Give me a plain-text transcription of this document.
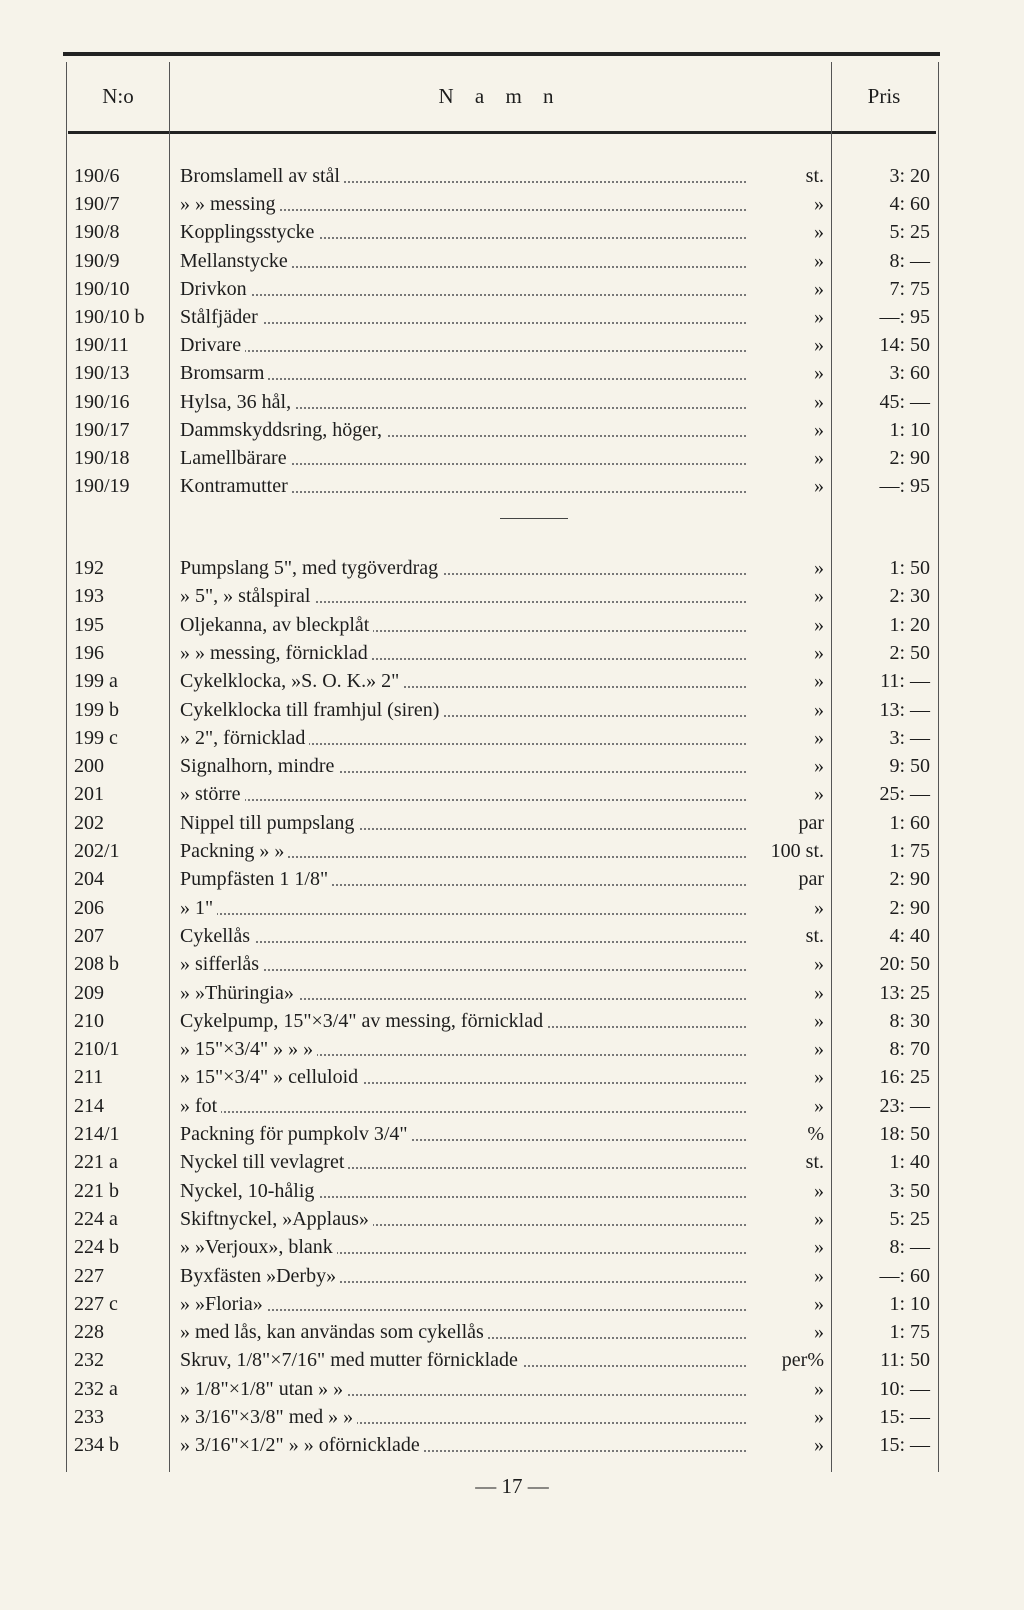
N:o	N a m n	Pris
190/6	Bromslamell av stål	st.	3: 20
190/7	» » messing	»	4: 60
190/8	Kopplingsstycke	»	5: 25
190/9	Mellanstycke	»	8: —
190/10	Drivkon	»	7: 75
190/10 b	Stålfjäder	»	—: 95
190/11	Drivare	»	14: 50
190/13	Bromsarm	»	3: 60
190/16	Hylsa, 36 hål,	»	45: —
190/17	Dammskyddsring, höger,	»	1: 10
190/18	Lamellbärare	»	2: 90
190/19	Kontramutter	»	—: 95
192	Pumpslang 5", med tygöverdrag	»	1: 50
193	» 5", » stålspiral	»	2: 30
195	Oljekanna, av bleckplåt	»	1: 20
196	» » messing, förnicklad	»	2: 50
199 a	Cykelklocka, »S. O. K.» 2"	»	11: —
199 b	Cykelklocka till framhjul (siren)	»	13: —
199 c	» 2", förnicklad	»	3: —
200	Signalhorn, mindre	»	9: 50
201	» större	»	25: —
202	Nippel till pumpslang	par	1: 60
202/1	Packning » »	100 st.	1: 75
204	Pumpfästen 1 1/8"	par	2: 90
206	» 1"	»	2: 90
207	Cykellås	st.	4: 40
208 b	» sifferlås	»	20: 50
209	» »Thüringia»	»	13: 25
210	Cykelpump, 15"×3/4" av messing, förnicklad	»	8: 30
210/1	» 15"×3/4" » » »	»	8: 70
211	» 15"×3/4" » celluloid	»	16: 25
214	» fot	»	23: —
214/1	Packning för pumpkolv 3/4"	%	18: 50
221 a	Nyckel till vevlagret	st.	1: 40
221 b	Nyckel, 10-hålig	»	3: 50
224 a	Skiftnyckel, »Applaus»	»	5: 25
224 b	» »Verjoux», blank	»	8: —
227	Byxfästen »Derby»	»	—: 60
227 c	» »Floria»	»	1: 10
228	» med lås, kan användas som cykellås	»	1: 75
232	Skruv, 1/8"×7/16" med mutter förnicklade	per%	11: 50
232 a	» 1/8"×1/8" utan » »	»	10: —
233	» 3/16"×3/8" med » »	»	15: —
234 b	» 3/16"×1/2" » » oförnicklade	»	15: —
— 17 —
